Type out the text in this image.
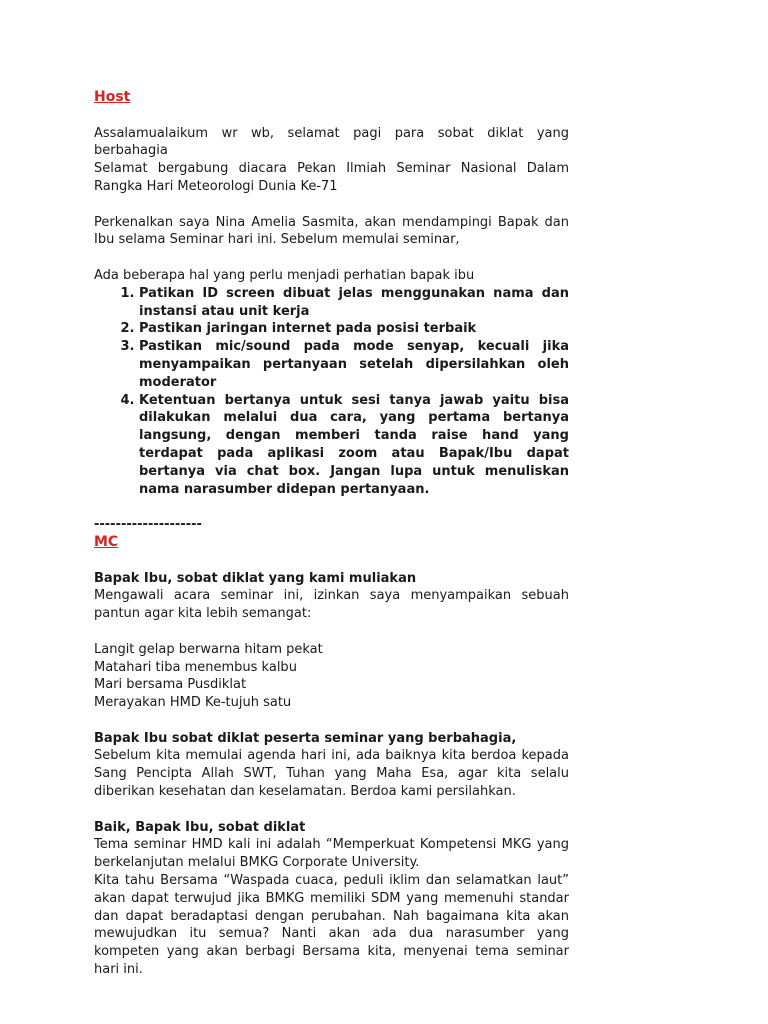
Host

Assalamualaikum wr wb, selamat pagi para sobat diklat yang berbahagia
Selamat bergabung diacara Pekan Ilmiah Seminar Nasional Dalam Rangka Hari Meteorologi Dunia Ke-71

Perkenalkan saya Nina Amelia Sasmita, akan mendampingi Bapak dan Ibu selama Seminar hari ini. Sebelum memulai seminar,

Ada beberapa hal yang perlu menjadi perhatian bapak ibu

1. Patikan ID screen dibuat jelas menggunakan nama dan instansi atau unit kerja
2. Pastikan jaringan internet pada posisi terbaik
3. Pastikan mic/sound pada mode senyap, kecuali jika menyampaikan pertanyaan setelah dipersilahkan oleh moderator
4. Ketentuan bertanya untuk sesi tanya jawab yaitu bisa dilakukan melalui dua cara, yang pertama bertanya langsung, dengan memberi tanda raise hand yang terdapat pada aplikasi zoom atau Bapak/Ibu dapat bertanya via chat box. Jangan lupa untuk menuliskan nama narasumber didepan pertanyaan.

--------------------

MC

Bapak Ibu, sobat diklat yang kami muliakan
Mengawali acara seminar ini, izinkan saya menyampaikan sebuah pantun agar kita lebih semangat:

Langit gelap berwarna hitam pekat
Matahari tiba menembus kalbu
Mari bersama Pusdiklat
Merayakan HMD Ke-tujuh satu

Bapak Ibu sobat diklat peserta seminar yang berbahagia,
Sebelum kita memulai agenda hari ini, ada baiknya kita berdoa kepada Sang Pencipta Allah SWT, Tuhan yang Maha Esa, agar kita selalu diberikan kesehatan dan keselamatan. Berdoa kami persilahkan.

Baik, Bapak Ibu, sobat diklat
Tema seminar HMD kali ini adalah “Memperkuat Kompetensi MKG yang berkelanjutan melalui BMKG Corporate University.
Kita tahu Bersama “Waspada cuaca, peduli iklim dan selamatkan laut” akan dapat terwujud jika BMKG memiliki SDM yang memenuhi standar dan dapat beradaptasi dengan perubahan. Nah bagaimana kita akan mewujudkan itu semua? Nanti akan ada dua narasumber yang kompeten yang akan berbagi Bersama kita, menyenai tema seminar hari ini.
